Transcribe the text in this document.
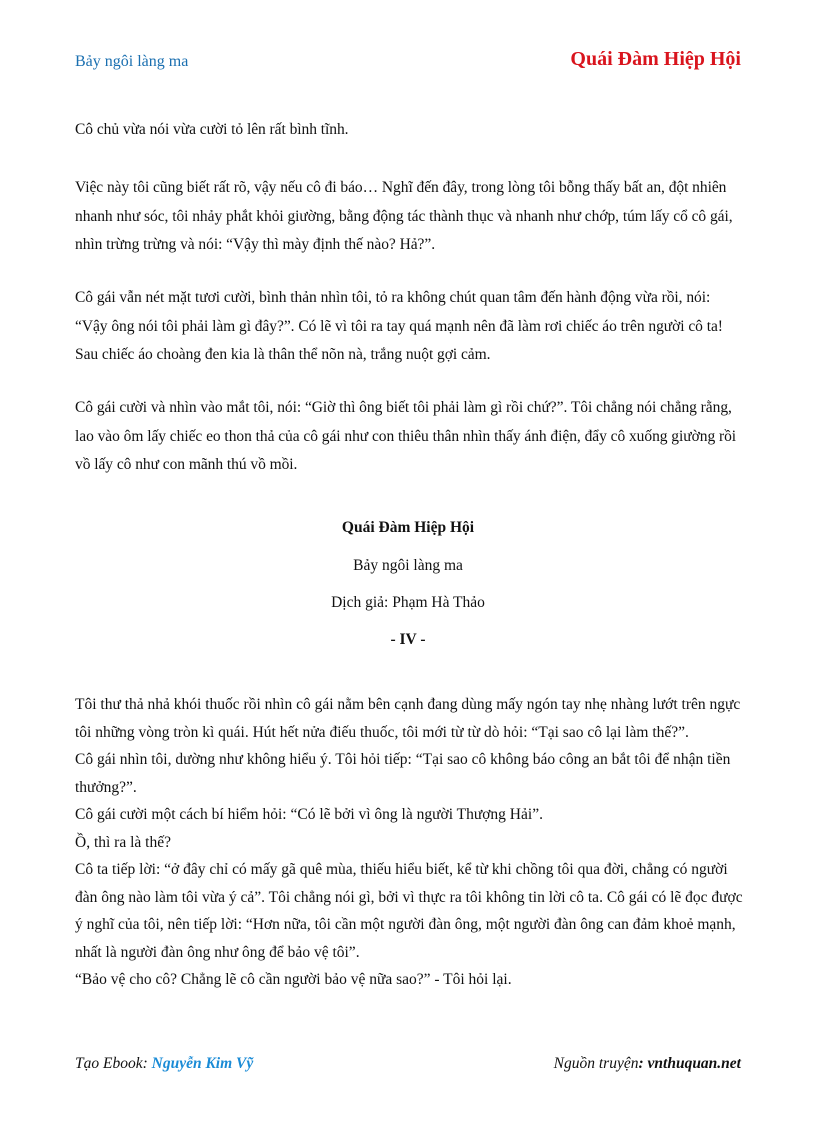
Bảy ngôi làng ma	Quái Đàm Hiệp Hội

Cô chủ vừa nói vừa cười tỏ lên rất bình tĩnh.

Việc này tôi cũng biết rất rõ, vậy nếu cô đi báo… Nghĩ đến đây, trong lòng tôi bỗng thấy bất an, đột nhiên nhanh như sóc, tôi nhảy phắt khỏi giường, bằng động tác thành thục và nhanh như chớp, túm lấy cổ cô gái, nhìn trừng trừng và nói: “Vậy thì mày định thế nào? Hả?”.

Cô gái vẫn nét mặt tươi cười, bình thản nhìn tôi, tỏ ra không chút quan tâm đến hành động vừa rồi, nói: “Vậy ông nói tôi phải làm gì đây?”. Có lẽ vì tôi ra tay quá mạnh nên đã làm rơi chiếc áo trên người cô ta! Sau chiếc áo choàng đen kia là thân thể nõn nà, trắng nuột gợi cảm.

Cô gái cười và nhìn vào mắt tôi, nói: “Giờ thì ông biết tôi phải làm gì rồi chứ?”. Tôi chẳng nói chẳng rằng, lao vào ôm lấy chiếc eo thon thả của cô gái như con thiêu thân nhìn thấy ánh điện, đẩy cô xuống giường rồi vồ lấy cô như con mãnh thú vồ mồi.

Quái Đàm Hiệp Hội

Bảy ngôi làng ma

Dịch giả: Phạm Hà Thảo

- IV -

Tôi thư thả nhả khói thuốc rồi nhìn cô gái nằm bên cạnh đang dùng mấy ngón tay nhẹ nhàng lướt trên ngực tôi những vòng tròn kì quái. Hút hết nửa điếu thuốc, tôi mới từ từ dò hỏi: “Tại sao cô lại làm thế?”.

Cô gái nhìn tôi, dường như không hiểu ý. Tôi hỏi tiếp: “Tại sao cô không báo công an bắt tôi để nhận tiền thưởng?”.

Cô gái cười một cách bí hiểm hỏi: “Có lẽ bởi vì ông là người Thượng Hải”.

Ồ, thì ra là thế?

Cô ta tiếp lời: “ở đây chỉ có mấy gã quê mùa, thiếu hiểu biết, kể từ khi chồng tôi qua đời, chẳng có người đàn ông nào làm tôi vừa ý cả”. Tôi chẳng nói gì, bởi vì thực ra tôi không tin lời cô ta. Cô gái có lẽ đọc được ý nghĩ của tôi, nên tiếp lời: “Hơn nữa, tôi cần một người đàn ông, một người đàn ông can đảm khoẻ mạnh, nhất là người đàn ông như ông để bảo vệ tôi”.

“Bảo vệ cho cô? Chẳng lẽ cô cần người bảo vệ nữa sao?” - Tôi hỏi lại.

Tạo Ebook: Nguyễn Kim Vỹ	Nguồn truyện: vnthuquan.net
